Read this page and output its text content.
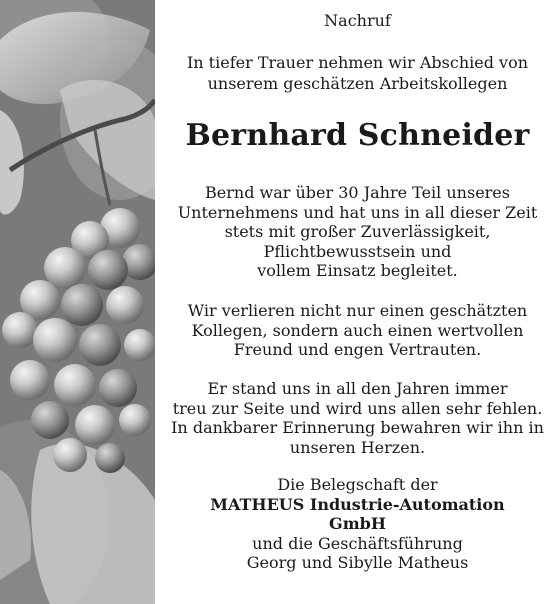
Nachruf

In tiefer Trauer nehmen wir Abschied von
unserem geschätzen Arbeitskollegen

Bernhard Schneider

Bernd war über 30 Jahre Teil unseres
Unternehmens und hat uns in all dieser Zeit
stets mit großer Zuverlässigkeit,
Pflichtbewusstsein und
vollem Einsatz begleitet.

Wir verlieren nicht nur einen geschätzten
Kollegen, sondern auch einen wertvollen
Freund und engen Vertrauten.

Er stand uns in all den Jahren immer
treu zur Seite und wird uns allen sehr fehlen.
In dankbarer Erinnerung bewahren wir ihn in
unseren Herzen.

Die Belegschaft der
MATHEUS Industrie-Automation
GmbH
und die Geschäftsführung
Georg und Sibylle Matheus
